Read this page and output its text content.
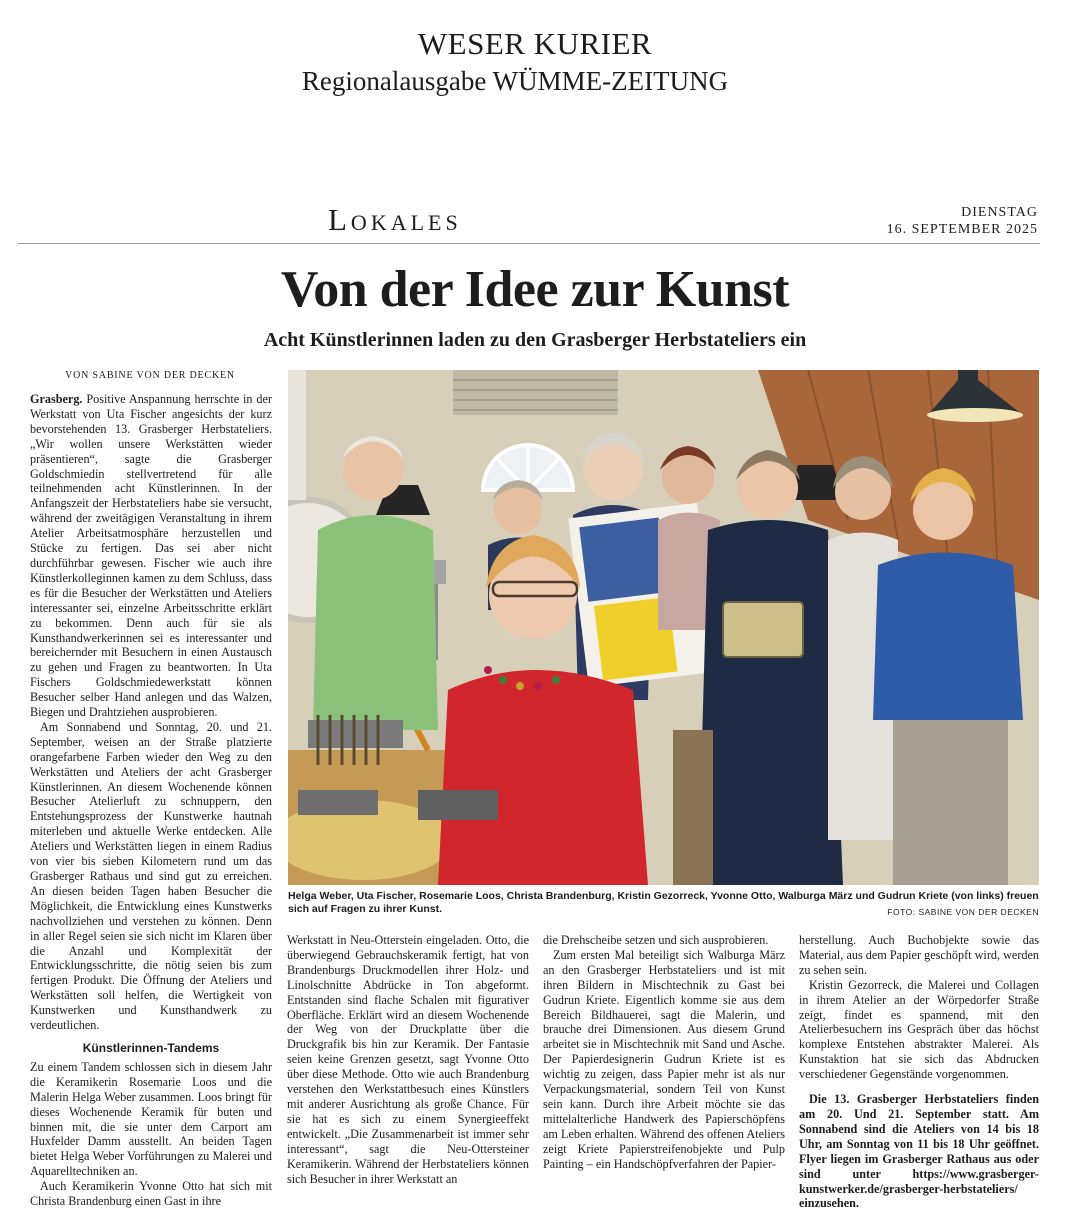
WESER KURIER
Regionalausgabe WÜMME-ZEITUNG
Lokales	DIENSTAG
16. SEPTEMBER 2025
Von der Idee zur Kunst
Acht Künstlerinnen laden zu den Grasberger Herbstateliers ein
VON SABINE VON DER DECKEN

Grasberg. Positive Anspannung herrschte in der Werkstatt von Uta Fischer angesichts der kurz bevorstehenden 13. Grasberger Herbstateliers. „Wir wollen unsere Werkstätten wieder präsentieren“, sagte die Grasberger Goldschmiedin stellvertretend für alle teilnehmenden acht Künstlerinnen. In der Anfangszeit der Herbstateliers habe sie versucht, während der zweitägigen Veranstaltung in ihrem Atelier Arbeitsatmosphäre herzustellen und Stücke zu fertigen. Das sei aber nicht durchführbar gewesen. Fischer wie auch ihre Künstlerkolleginnen kamen zu dem Schluss, dass es für die Besucher der Werkstätten und Ateliers interessanter sei, einzelne Arbeitsschritte erklärt zu bekommen. Denn auch für sie als Kunsthandwerkerinnen sei es interessanter und bereichernder mit Besuchern in einen Austausch zu gehen und Fragen zu beantworten. In Uta Fischers Goldschmiedewerkstatt können Besucher selber Hand anlegen und das Walzen, Biegen und Drahtziehen ausprobieren.

Am Sonnabend und Sonntag, 20. und 21. September, weisen an der Straße platzierte orangefarbene Farben wieder den Weg zu den Werkstätten und Ateliers der acht Grasberger Künstlerinnen. An diesem Wochenende können Besucher Atelierluft zu schnuppern, den Entstehungsprozess der Kunstwerke hautnah miterleben und aktuelle Werke entdecken. Alle Ateliers und Werkstätten liegen in einem Radius von vier bis sieben Kilometern rund um das Grasberger Rathaus und sind gut zu erreichen. An diesen beiden Tagen haben Besucher die Möglichkeit, die Entwicklung eines Kunstwerks nachvollziehen und verstehen zu können. Denn in aller Regel seien sie sich nicht im Klaren über die Anzahl und Komplexität der Entwicklungsschritte, die nötig seien bis zum fertigen Produkt. Die Öffnung der Ateliers und Werkstätten soll helfen, die Wertigkeit von Kunstwerken und Kunsthandwerk zu verdeutlichen.

Künstlerinnen-Tandems

Zu einem Tandem schlossen sich in diesem Jahr die Keramikerin Rosemarie Loos und die Malerin Helga Weber zusammen. Loos bringt für dieses Wochenende Keramik für buten und binnen mit, die sie unter dem Carport am Huxfelder Damm ausstellt. An beiden Tagen bietet Helga Weber Vorführungen zu Malerei und Aquarelltechniken an.

Auch Keramikerin Yvonne Otto hat sich mit Christa Brandenburg einen Gast in ihre

Helga Weber, Uta Fischer, Rosemarie Loos, Christa Brandenburg, Kristin Gezorreck, Yvonne Otto, Walburga März und Gudrun Kriete (von links) freuen sich auf Fragen zu ihrer Kunst.	FOTO: SABINE VON DER DECKEN

Werkstatt in Neu-Otterstein eingeladen. Otto, die überwiegend Gebrauchskeramik fertigt, hat von Brandenburgs Druckmodellen ihrer Holz- und Linolschnitte Abdrücke in Ton abgeformt. Entstanden sind flache Schalen mit figurativer Oberfläche. Erklärt wird an diesem Wochenende der Weg von der Druckplatte über die Druckgrafik bis hin zur Keramik. Der Fantasie seien keine Grenzen gesetzt, sagt Yvonne Otto über diese Methode. Otto wie auch Brandenburg verstehen den Werkstattbesuch eines Künstlers mit anderer Ausrichtung als große Chance. Für sie hat es sich zu einem Synergieeffekt entwickelt. „Die Zusammenarbeit ist immer sehr interessant“, sagt die Neu-Ottersteiner Keramikerin. Während der Herbstateliers können sich Besucher in ihrer Werkstatt an

die Drehscheibe setzen und sich ausprobieren.

Zum ersten Mal beteiligt sich Walburga März an den Grasberger Herbstateliers und ist mit ihren Bildern in Mischtechnik zu Gast bei Gudrun Kriete. Eigentlich komme sie aus dem Bereich Bildhauerei, sagt die Malerin, und brauche drei Dimensionen. Aus diesem Grund arbeitet sie in Mischtechnik mit Sand und Asche. Der Papierdesignerin Gudrun Kriete ist es wichtig zu zeigen, dass Papier mehr ist als nur Verpackungsmaterial, sondern Teil von Kunst sein kann. Durch ihre Arbeit möchte sie das mittelalterliche Handwerk des Papierschöpfens am Leben erhalten. Während des offenen Ateliers zeigt Kriete Papierstreifenobjekte und Pulp Painting – ein Handschöpfverfahren der Papier-

herstellung. Auch Buchobjekte sowie das Material, aus dem Papier geschöpft wird, werden zu sehen sein.

Kristin Gezorreck, die Malerei und Collagen in ihrem Atelier an der Wörpedorfer Straße zeigt, findet es spannend, mit den Atelierbesuchern ins Gespräch über das höchst komplexe Entstehen abstrakter Malerei. Als Kunstaktion hat sie sich das Abdrucken verschiedener Gegenstände vorgenommen.

Die 13. Grasberger Herbstateliers finden am 20. Und 21. September statt. Am Sonnabend sind die Ateliers von 14 bis 18 Uhr, am Sonntag von 11 bis 18 Uhr geöffnet. Flyer liegen im Grasberger Rathaus aus oder sind unter https://www.grasberger-kunstwerker.de/grasberger-herbstateliers/ einzusehen.
